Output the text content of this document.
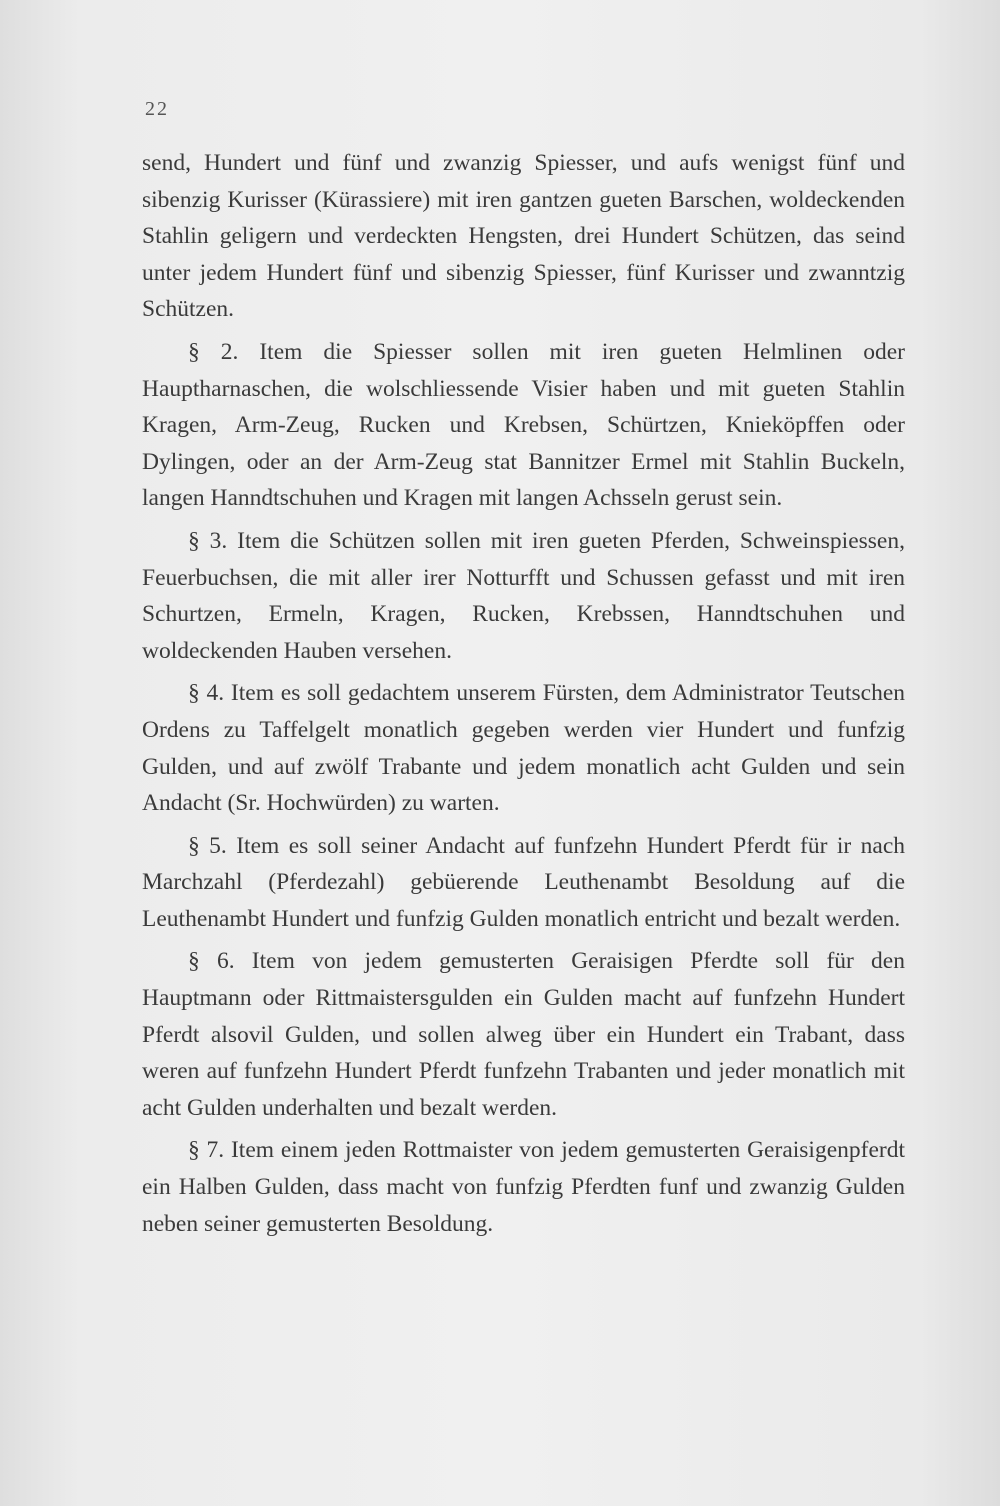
22

send, Hundert und fünf und zwanzig Spiesser, und aufs wenigst fünf und sibenzig Kurisser (Kürassiere) mit iren gantzen gueten Barschen, woldeckenden Stahlin geligern und verdeckten Hengsten, drei Hundert Schützen, das seind unter jedem Hundert fünf und sibenzig Spiesser, fünf Kurisser und zwanntzig Schützen.

§ 2. Item die Spiesser sollen mit iren gueten Helmlinen oder Hauptharnaschen, die wolschliessende Visier haben und mit gueten Stahlin Kragen, Arm-Zeug, Rucken und Krebsen, Schürtzen, Knieköpffen oder Dylingen, oder an der Arm-Zeug stat Bannitzer Ermel mit Stahlin Buckeln, langen Hanndtschuhen und Kragen mit langen Achsseln gerust sein.

§ 3. Item die Schützen sollen mit iren gueten Pferden, Schweinspiessen, Feuerbuchsen, die mit aller irer Notturfft und Schussen gefasst und mit iren Schurtzen, Ermeln, Kragen, Rucken, Krebssen, Hanndtschuhen und woldeckenden Hauben versehen.

§ 4. Item es soll gedachtem unserem Fürsten, dem Administrator Teutschen Ordens zu Taffelgelt monatlich gegeben werden vier Hundert und funfzig Gulden, und auf zwölf Trabante und jedem monatlich acht Gulden und sein Andacht (Sr. Hochwürden) zu warten.

§ 5. Item es soll seiner Andacht auf funfzehn Hundert Pferdt für ir nach Marchzahl (Pferdezahl) gebüerende Leuthenambt Besoldung auf die Leuthenambt Hundert und funfzig Gulden monatlich entricht und bezalt werden.

§ 6. Item von jedem gemusterten Geraisigen Pferdte soll für den Hauptmann oder Rittmaistersgulden ein Gulden macht auf funfzehn Hundert Pferdt alsovil Gulden, und sollen alweg über ein Hundert ein Trabant, dass weren auf funfzehn Hundert Pferdt funfzehn Trabanten und jeder monatlich mit acht Gulden underhalten und bezalt werden.

§ 7. Item einem jeden Rottmaister von jedem gemusterten Geraisigenpferdt ein Halben Gulden, dass macht von funfzig Pferdten funf und zwanzig Gulden neben seiner gemusterten Besoldung.
